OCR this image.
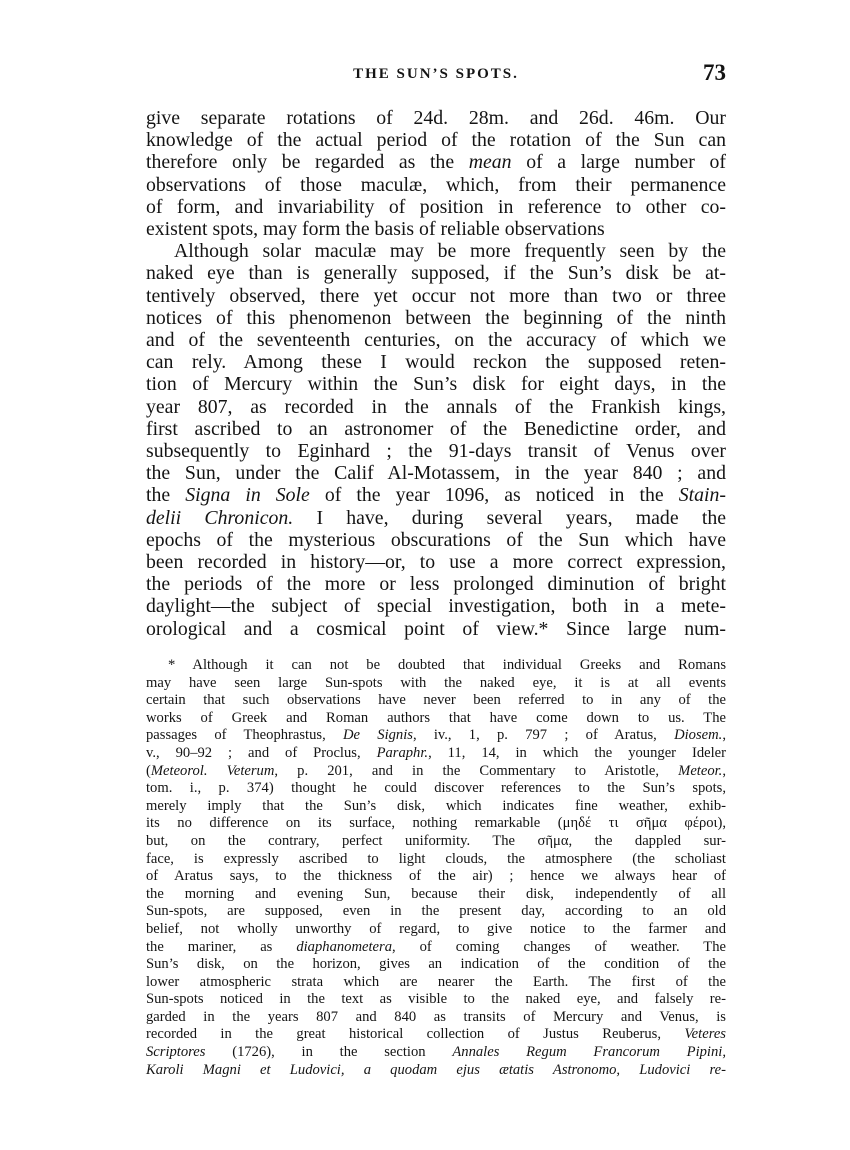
THE SUN’S SPOTS.	73

give separate rotations of 24d. 28m. and 26d. 46m. Our
knowledge of the actual period of the rotation of the Sun can
therefore only be regarded as the mean of a large number of
observations of those maculæ, which, from their permanence
of form, and invariability of position in reference to other co-
existent spots, may form the basis of reliable observations

Although solar maculæ may be more frequently seen by the
naked eye than is generally supposed, if the Sun’s disk be at-
tentively observed, there yet occur not more than two or three
notices of this phenomenon between the beginning of the ninth
and of the seventeenth centuries, on the accuracy of which we
can rely. Among these I would reckon the supposed reten-
tion of Mercury within the Sun’s disk for eight days, in the
year 807, as recorded in the annals of the Frankish kings,
first ascribed to an astronomer of the Benedictine order, and
subsequently to Eginhard ; the 91-days transit of Venus over
the Sun, under the Calif Al-Motassem, in the year 840 ; and
the Signa in Sole of the year 1096, as noticed in the Stain-
delii Chronicon. I have, during several years, made the
epochs of the mysterious obscurations of the Sun which have
been recorded in history—or, to use a more correct expression,
the periods of the more or less prolonged diminution of bright
daylight—the subject of special investigation, both in a mete-
orological and a cosmical point of view.* Since large num-

* Although it can not be doubted that individual Greeks and Romans
may have seen large Sun-spots with the naked eye, it is at all events
certain that such observations have never been referred to in any of the
works of Greek and Roman authors that have come down to us. The
passages of Theophrastus, De Signis, iv., 1, p. 797 ; of Aratus, Diosem.,
v., 90–92 ; and of Proclus, Paraphr., 11, 14, in which the younger Ideler
(Meteorol. Veterum, p. 201, and in the Commentary to Aristotle, Meteor.,
tom. i., p. 374) thought he could discover references to the Sun’s spots,
merely imply that the Sun’s disk, which indicates fine weather, exhib-
its no difference on its surface, nothing remarkable (μηδέ τι σῆμα φέροι),
but, on the contrary, perfect uniformity. The σῆμα, the dappled sur-
face, is expressly ascribed to light clouds, the atmosphere (the scholiast
of Aratus says, to the thickness of the air) ; hence we always hear of
the morning and evening Sun, because their disk, independently of all
Sun-spots, are supposed, even in the present day, according to an old
belief, not wholly unworthy of regard, to give notice to the farmer and
the mariner, as diaphanometera, of coming changes of weather. The
Sun’s disk, on the horizon, gives an indication of the condition of the
lower atmospheric strata which are nearer the Earth. The first of the
Sun-spots noticed in the text as visible to the naked eye, and falsely re-
garded in the years 807 and 840 as transits of Mercury and Venus, is
recorded in the great historical collection of Justus Reuberus, Veteres
Scriptores (1726), in the section Annales Regum Francorum Pipini,
Karoli Magni et Ludovici, a quodam ejus ætatis Astronomo, Ludovici re-
